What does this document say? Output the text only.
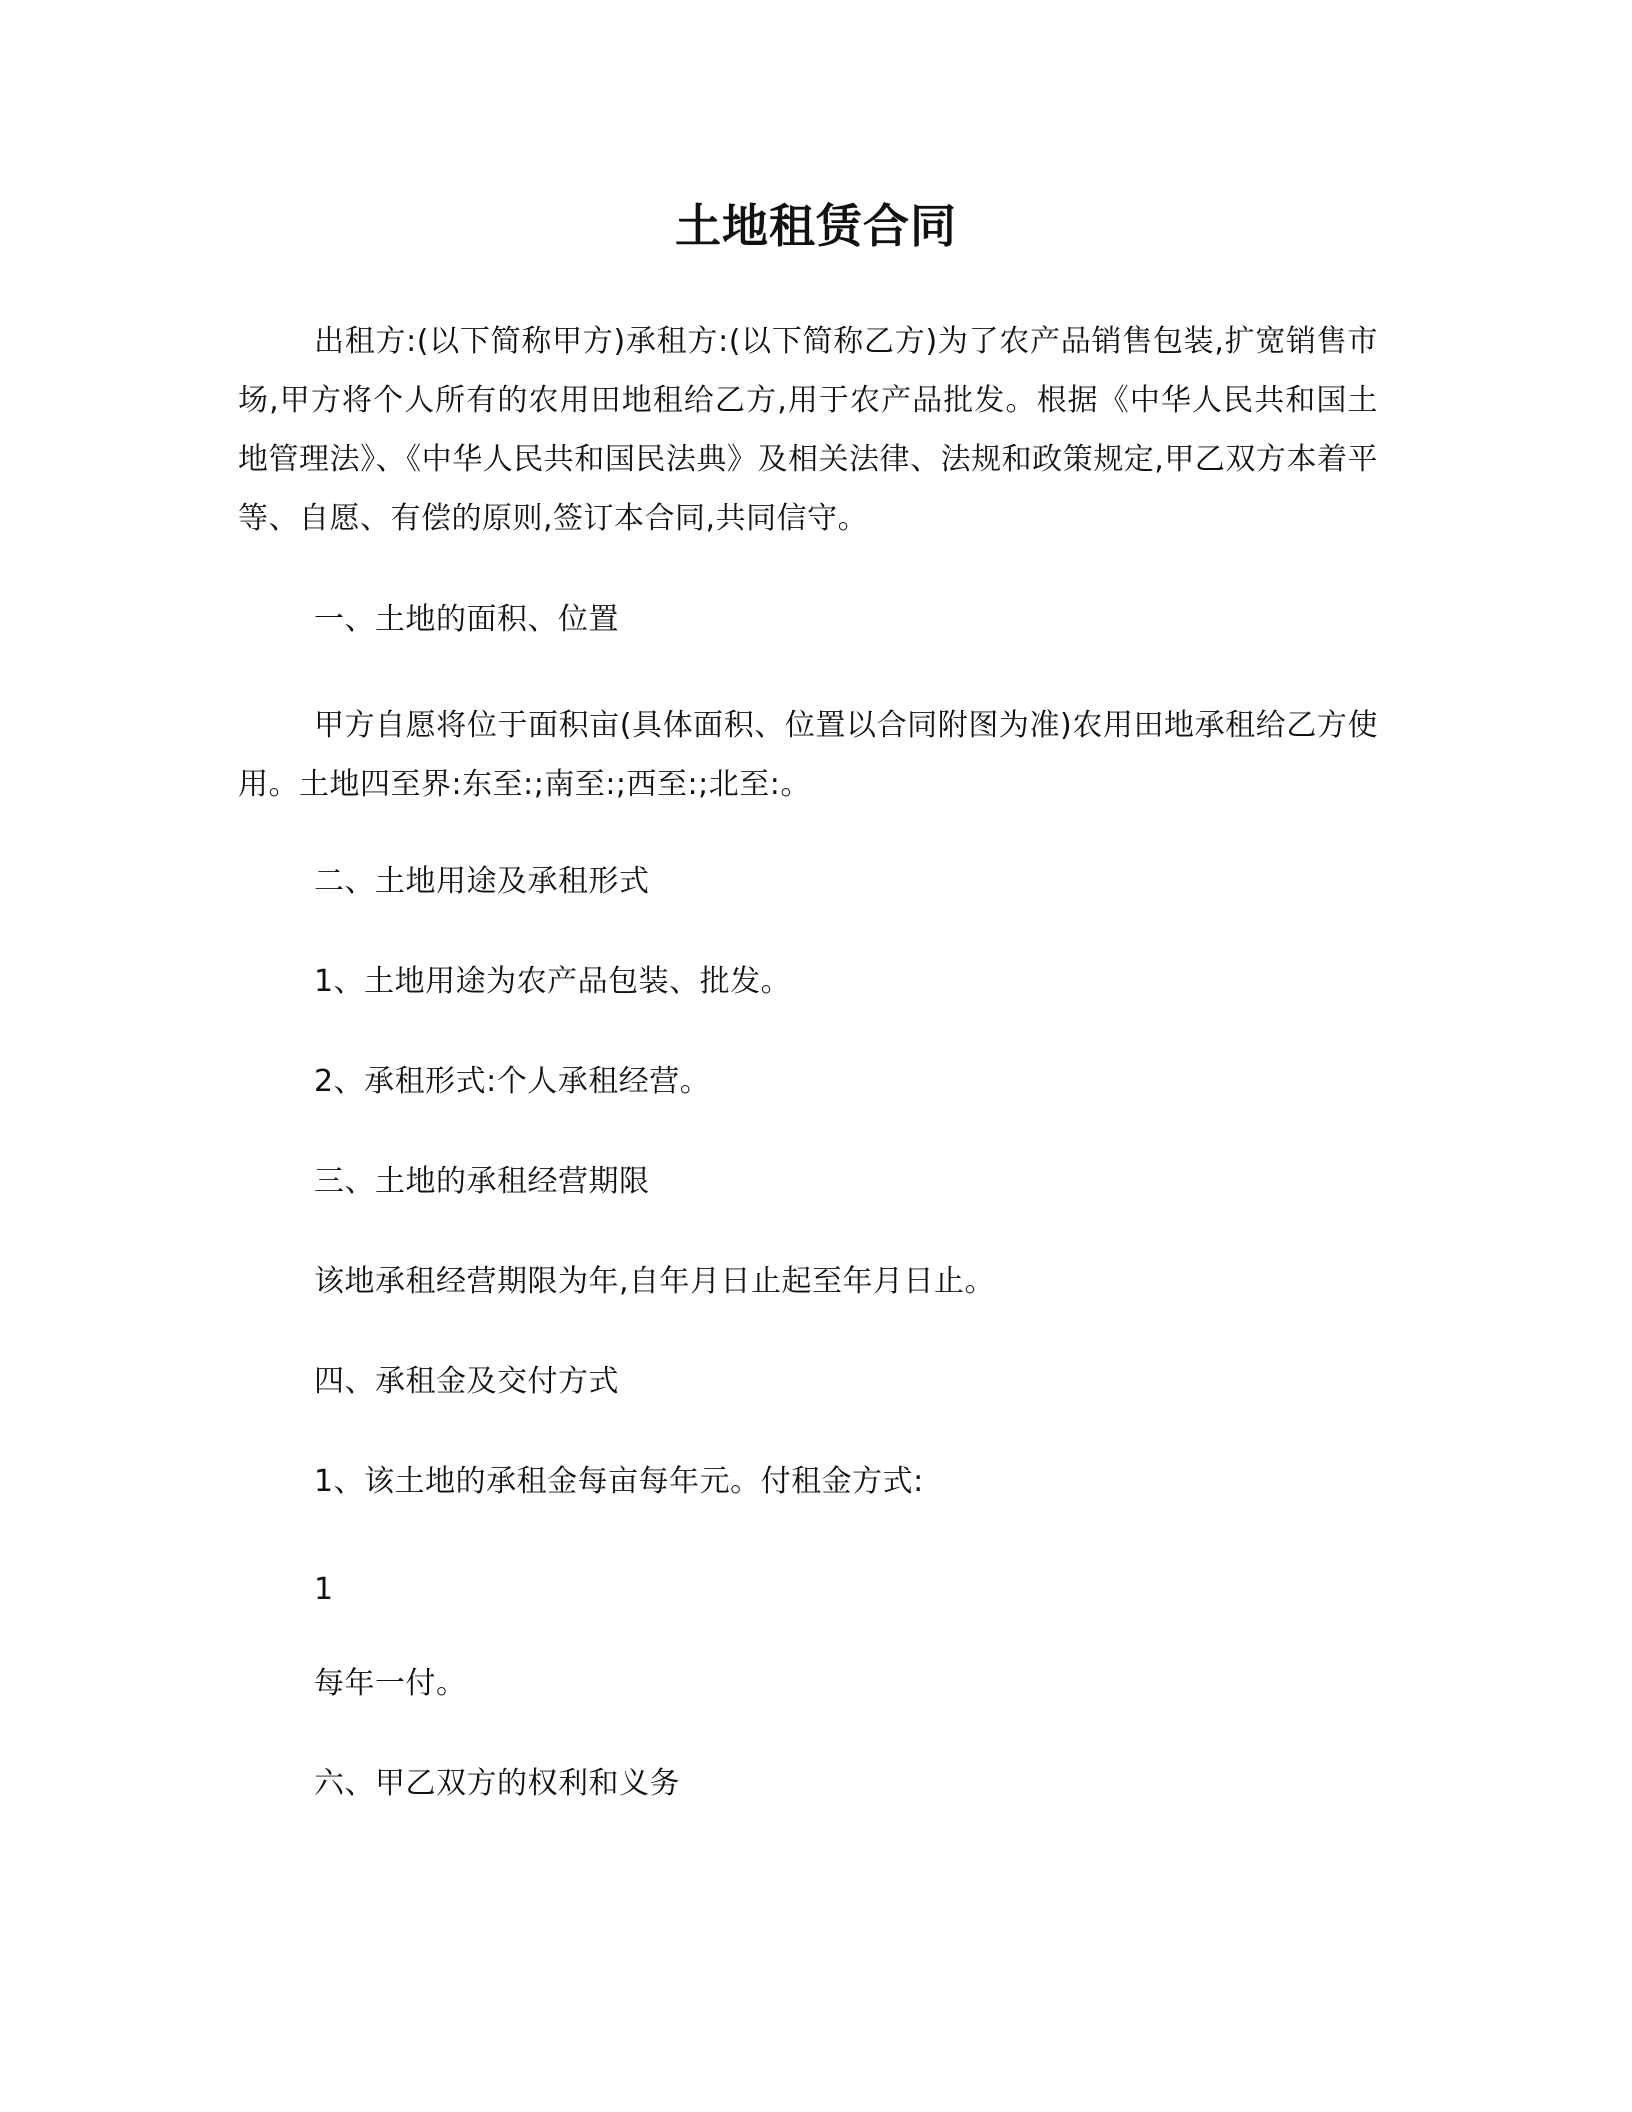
土地租赁合同

出租方:(以下简称甲方)承租方:(以下简称乙方)为了农产品销售包装,扩宽销售市场,甲方将个人所有的农用田地租给乙方,用于农产品批发。根据《中华人民共和国土地管理法》、《中华人民共和国民法典》及相关法律、法规和政策规定,甲乙双方本着平等、自愿、有偿的原则,签订本合同,共同信守。

一、土地的面积、位置

甲方自愿将位于面积亩(具体面积、位置以合同附图为准)农用田地承租给乙方使用。土地四至界:东至:;南至:;西至:;北至:。

二、土地用途及承租形式
1、土地用途为农产品包装、批发。
2、承租形式:个人承租经营。
三、土地的承租经营期限
该地承租经营期限为年,自年月日止起至年月日止。
四、承租金及交付方式
1、该土地的承租金每亩每年元。付租金方式:
1
每年一付。
六、甲乙双方的权利和义务
